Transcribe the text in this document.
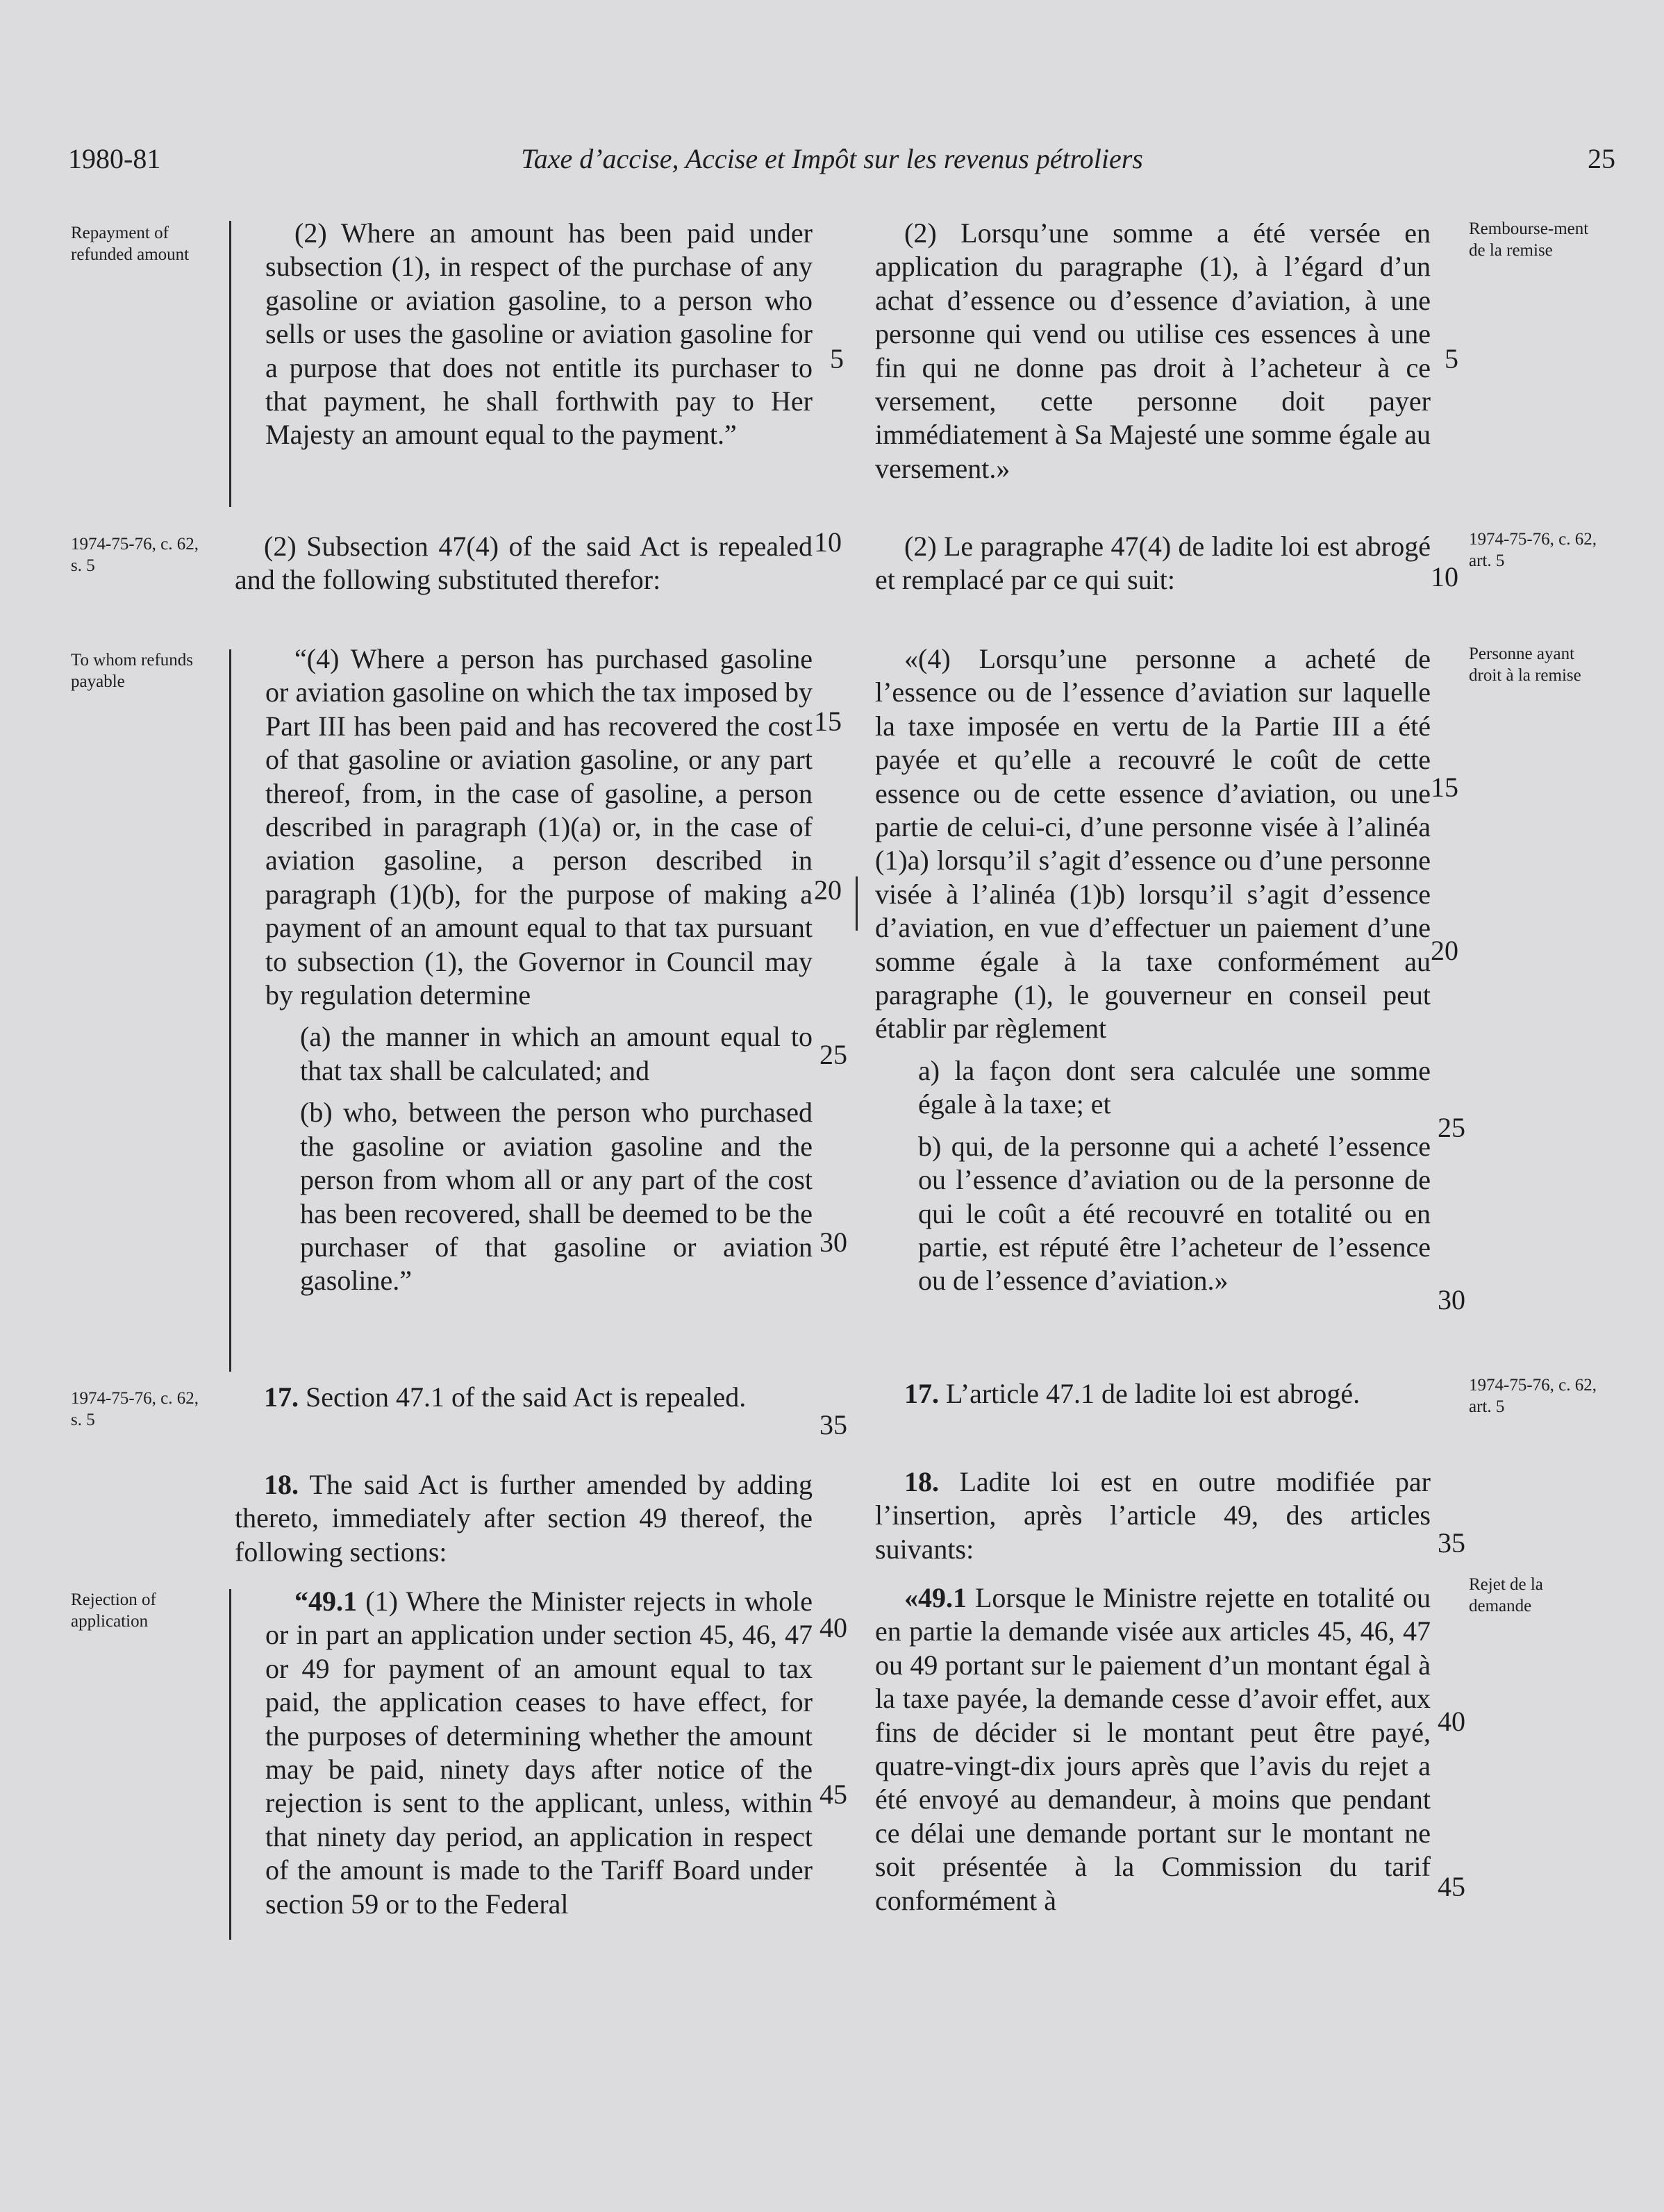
1980-81	Taxe d’accise, Accise et Impôt sur les revenus pétroliers	25
Repayment of refunded amount
1974-75-76, c. 62, s. 5
To whom refunds payable
1974-75-76, c. 62, s. 5
Rejection of application
Rembourse-ment de la remise
1974-75-76, c. 62, art. 5
Personne ayant droit à la remise
1974-75-76, c. 62, art. 5
Rejet de la demande

(2) Where an amount has been paid under subsection (1), in respect of the purchase of any gasoline or aviation gasoline, to a person who sells or uses the gasoline or aviation gasoline for a purpose that does not entitle its purchaser to that payment, he shall forthwith pay to Her Majesty an amount equal to the payment.”

(2) Subsection 47(4) of the said Act is repealed and the following substituted therefor:

“(4) Where a person has purchased gasoline or aviation gasoline on which the tax imposed by Part III has been paid and has recovered the cost of that gasoline or aviation gasoline, or any part thereof, from, in the case of gasoline, a person described in paragraph (1)(a) or, in the case of aviation gasoline, a person described in paragraph (1)(b), for the purpose of making a payment of an amount equal to that tax pursuant to subsection (1), the Governor in Council may by regulation determine

(a) the manner in which an amount equal to that tax shall be calculated; and

(b) who, between the person who purchased the gasoline or aviation gasoline and the person from whom all or any part of the cost has been recovered, shall be deemed to be the purchaser of that gasoline or aviation gasoline.”

17. Section 47.1 of the said Act is repealed.

18. The said Act is further amended by adding thereto, immediately after section 49 thereof, the following sections:

“49.1 (1) Where the Minister rejects in whole or in part an application under section 45, 46, 47 or 49 for payment of an amount equal to tax paid, the application ceases to have effect, for the purposes of determining whether the amount may be paid, ninety days after notice of the rejection is sent to the applicant, unless, within that ninety day period, an application in respect of the amount is made to the Tariff Board under section 59 or to the Federal

(2) Lorsqu’une somme a été versée en application du paragraphe (1), à l’égard d’un achat d’essence ou d’essence d’aviation, à une personne qui vend ou utilise ces essences à une fin qui ne donne pas droit à l’acheteur à ce versement, cette personne doit payer immédiatement à Sa Majesté une somme égale au versement.»

(2) Le paragraphe 47(4) de ladite loi est abrogé et remplacé par ce qui suit:

«(4) Lorsqu’une personne a acheté de l’essence ou de l’essence d’aviation sur laquelle la taxe imposée en vertu de la Partie III a été payée et qu’elle a recouvré le coût de cette essence ou de cette essence d’aviation, ou une partie de celui-ci, d’une personne visée à l’alinéa (1)a) lorsqu’il s’agit d’essence ou d’une personne visée à l’alinéa (1)b) lorsqu’il s’agit d’essence d’aviation, en vue d’effectuer un paiement d’une somme égale à la taxe conformément au paragraphe (1), le gouverneur en conseil peut établir par règlement

a) la façon dont sera calculée une somme égale à la taxe; et

b) qui, de la personne qui a acheté l’essence ou l’essence d’aviation ou de la personne de qui le coût a été recouvré en totalité ou en partie, est réputé être l’acheteur de l’essence ou de l’essence d’aviation.»

17. L’article 47.1 de ladite loi est abrogé.

18. Ladite loi est en outre modifiée par l’insertion, après l’article 49, des articles suivants:

«49.1 Lorsque le Ministre rejette en totalité ou en partie la demande visée aux articles 45, 46, 47 ou 49 portant sur le paiement d’un montant égal à la taxe payée, la demande cesse d’avoir effet, aux fins de décider si le montant peut être payé, quatre-vingt-dix jours après que l’avis du rejet a été envoyé au demandeur, à moins que pendant ce délai une demande portant sur le montant ne soit présentée à la Commission du tarif conformément à

5
10
15
20
25
30
35
40
45
5
10
15
20
25
30
35
40
45
